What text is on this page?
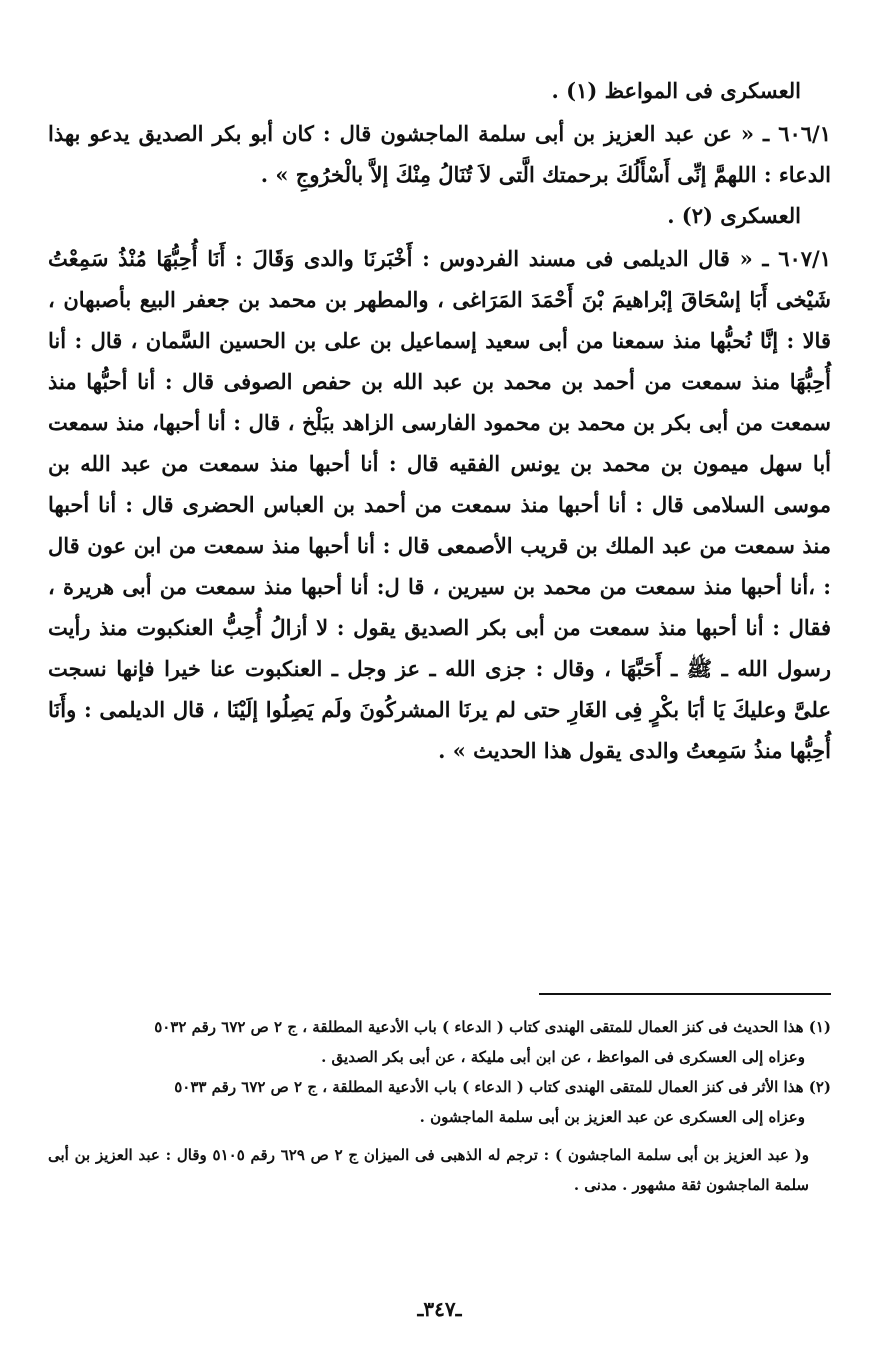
العسكرى فى المواعظ (١) .

٦٠٦/١ ـ « عن عبد العزيز بن أبى سلمة الماجشون قال : كان أبو بكر الصديق يدعو بهذا الدعاء : اللهمَّ إنِّى أَسْأَلُكَ برحمتك الَّتى لاَ تُنَالُ مِنْكَ إلاَّ بالْخرُوجِ » .

العسكرى (٢) .

٦٠٧/١ ـ « قال الديلمى فى مسند الفردوس : أَخْبَرنَا والدى وَقَالَ : أَنَا أُحِبُّهَا مُنْذُ سَمِعْتُ شَيْخى أَبَا إسْحَاقَ إبْراهيمَ بْنَ أَحْمَدَ المَرَاغى ، والمطهر بن محمد بن جعفر البيع بأصبهان ، قالا : إنَّا نُحبُّها منذ سمعنا من أبى سعيد إسماعيل بن على بن الحسين السَّمان ، قال : أنا أُحِبُّهَا منذ سمعت من أحمد بن محمد بن عبد الله بن حفص الصوفى قال : أنا أحبُّها منذ سمعت من أبى بكر بن محمد بن محمود الفارسى الزاهد ببَلْخ ، قال : أنا أحبها، منذ سمعت أبا سهل ميمون بن محمد بن يونس الفقيه قال : أنا أحبها منذ سمعت من عبد الله بن موسى السلامى قال : أنا أحبها منذ سمعت من أحمد بن العباس الحضرى قال : أنا أحبها منذ سمعت من عبد الملك بن قريب الأصمعى قال : أنا أحبها منذ سمعت من ابن عون قال : ،أنا أحبها منذ سمعت من محمد بن سيرين ، قا ل: أنا أحبها منذ سمعت من أبى هريرة ، فقال : أنا أحبها منذ سمعت من أبى بكر الصديق يقول : لا أزالُ أُحِبُّ العنكبوت منذ رأيت رسول الله ـ ﷺ ـ أَحَبَّهَا ، وقال : جزى الله ـ عز وجل ـ العنكبوت عنا خيرا فإنها نسجت علىَّ وعليكَ يَا أبَا بكْرٍ فِى الغَارِ حتى لم يرنَا المشركُونَ ولَم يَصِلُوا إلَيْنَا ، قال الديلمى : وأَنَا أُحِبُّها منذُ سَمِعتُ والدى يقول هذا الحديث » .

(١) هذا الحديث فى كنز العمال للمتقى الهندى كتاب ( الدعاء ) باب الأدعية المطلقة ، ج ٢ ص ٦٧٢ رقم ٥٠٣٢

وعزاه إلى العسكرى فى المواعظ ، عن ابن أبى مليكة ، عن أبى بكر الصديق .

(٢) هذا الأثر فى كنز العمال للمتقى الهندى كتاب ( الدعاء ) باب الأدعية المطلقة ، ج ٢ ص ٦٧٢ رقم ٥٠٣٣

وعزاه إلى العسكرى عن عبد العزيز بن أبى سلمة الماجشون .

و( عبد العزيز بن أبى سلمة الماجشون ) : ترجم له الذهبى فى الميزان ج ٢ ص ٦٢٩ رقم ٥١٠٥ وقال : عبد العزيز بن أبى سلمة الماجشون ثقة مشهور . مدنى .

ـ٣٤٧ـ
